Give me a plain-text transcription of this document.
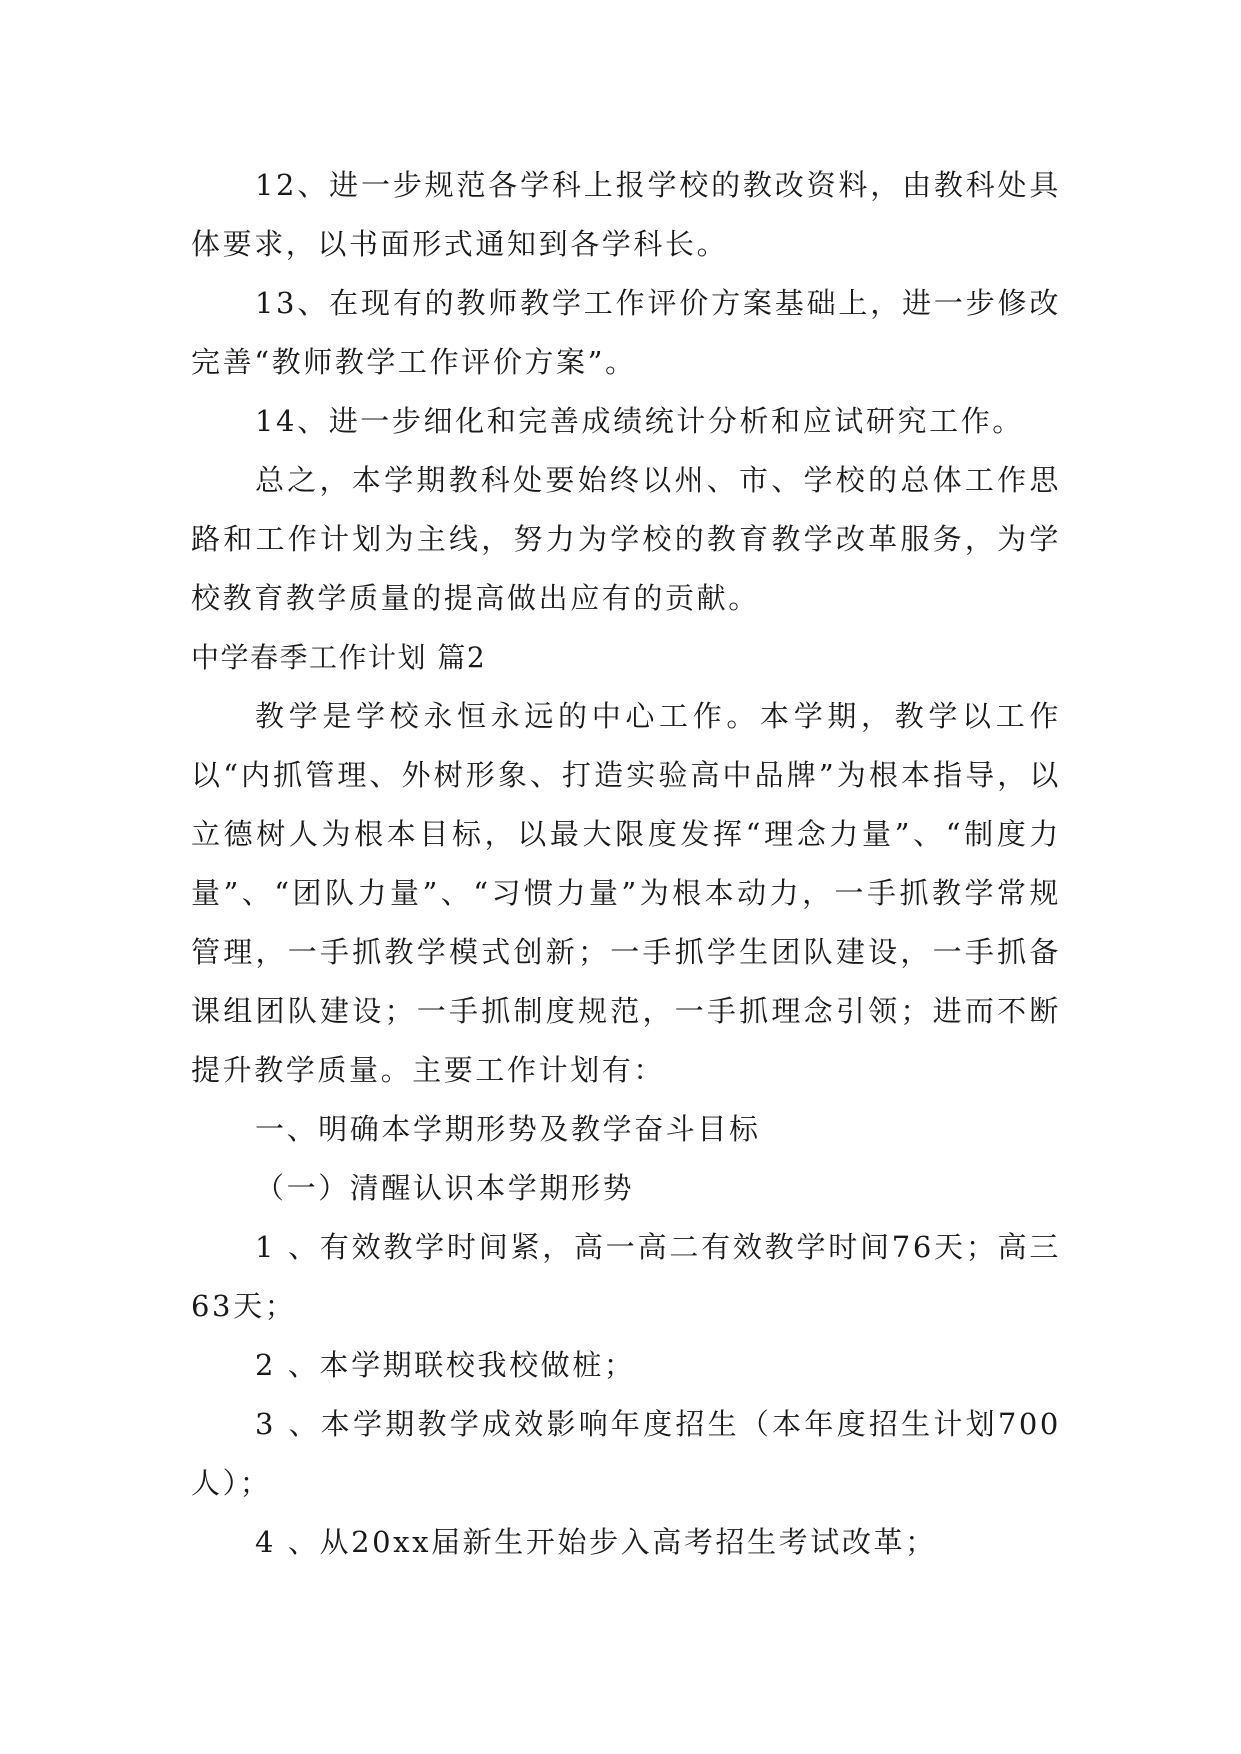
12、进一步规范各学科上报学校的教改资料，由教科处具体要求，以书面形式通知到各学科长。

13、在现有的教师教学工作评价方案基础上，进一步修改完善“教师教学工作评价方案”。

14、进一步细化和完善成绩统计分析和应试研究工作。

总之，本学期教科处要始终以州、市、学校的总体工作思路和工作计划为主线，努力为学校的教育教学改革服务，为学校教育教学质量的提高做出应有的贡献。

中学春季工作计划 篇2

教学是学校永恒永远的中心工作。本学期，教学以工作以“内抓管理、外树形象、打造实验高中品牌”为根本指导，以立德树人为根本目标，以最大限度发挥“理念力量”、“制度力量”、“团队力量”、“习惯力量”为根本动力，一手抓教学常规管理，一手抓教学模式创新；一手抓学生团队建设，一手抓备课组团队建设；一手抓制度规范，一手抓理念引领；进而不断提升教学质量。主要工作计划有：

一、明确本学期形势及教学奋斗目标

（一）清醒认识本学期形势

1 、有效教学时间紧，高一高二有效教学时间76天；高三63天；

2 、本学期联校我校做桩；

3 、本学期教学成效影响年度招生（本年度招生计划700人）；

4 、从20xx届新生开始步入高考招生考试改革；
